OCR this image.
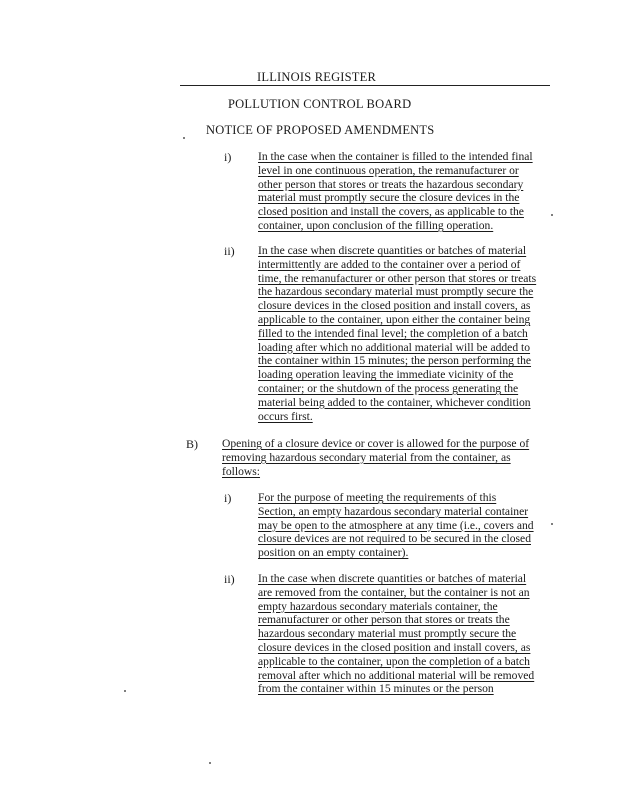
ILLINOIS REGISTER
POLLUTION CONTROL BOARD
NOTICE OF PROPOSED AMENDMENTS
i) In the case when the container is filled to the intended final
level in one continuous operation, the remanufacturer or
other person that stores or treats the hazardous secondary
material must promptly secure the closure devices in the
closed position and install the covers, as applicable to the
container, upon conclusion of the filling operation.
ii) In the case when discrete quantities or batches of material
intermittently are added to the container over a period of
time, the remanufacturer or other person that stores or treats
the hazardous secondary material must promptly secure the
closure devices in the closed position and install covers, as
applicable to the container, upon either the container being
filled to the intended final level; the completion of a batch
loading after which no additional material will be added to
the container within 15 minutes; the person performing the
loading operation leaving the immediate vicinity of the
container; or the shutdown of the process generating the
material being added to the container, whichever condition
occurs first.
B) Opening of a closure device or cover is allowed for the purpose of
removing hazardous secondary material from the container, as
follows:
i) For the purpose of meeting the requirements of this
Section, an empty hazardous secondary material container
may be open to the atmosphere at any time (i.e., covers and
closure devices are not required to be secured in the closed
position on an empty container).
ii) In the case when discrete quantities or batches of material
are removed from the container, but the container is not an
empty hazardous secondary materials container, the
remanufacturer or other person that stores or treats the
hazardous secondary material must promptly secure the
closure devices in the closed position and install covers, as
applicable to the container, upon the completion of a batch
removal after which no additional material will be removed
from the container within 15 minutes or the person
